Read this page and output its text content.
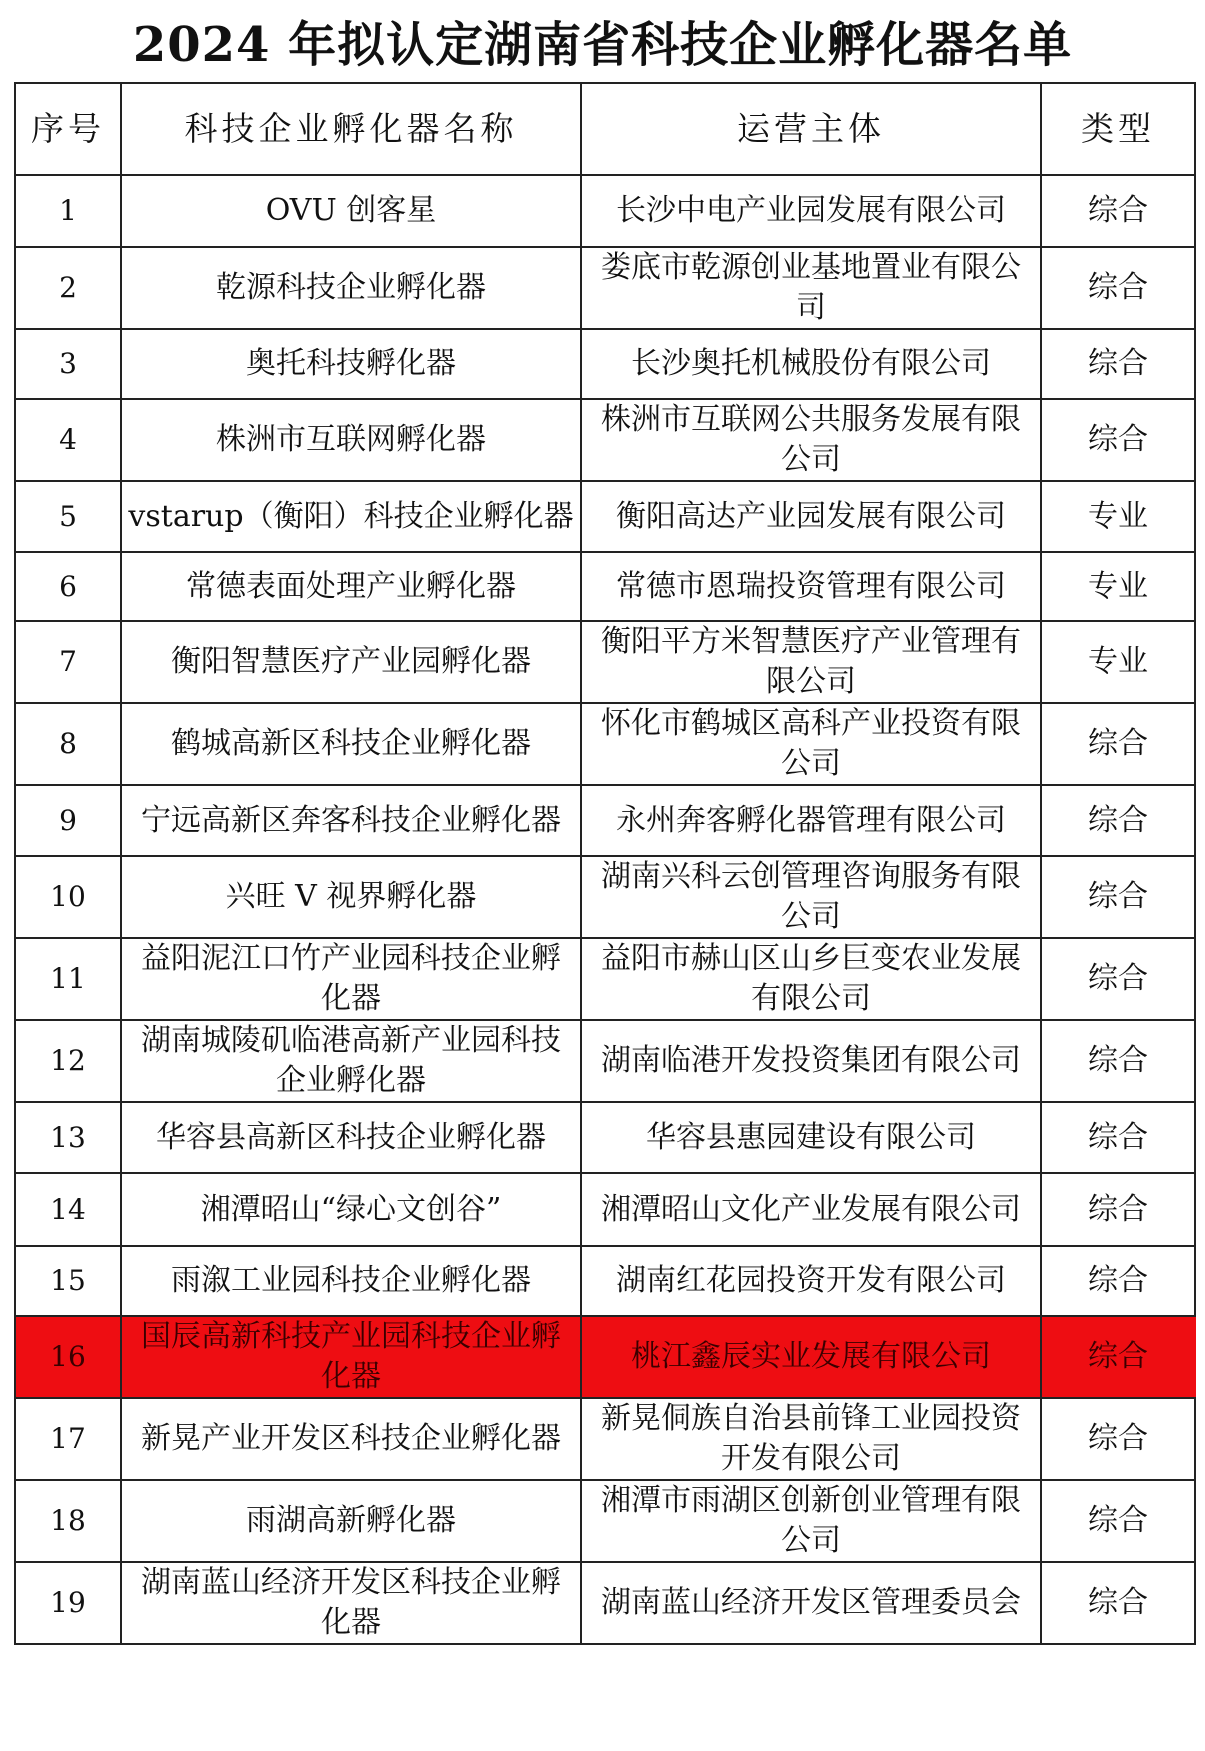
2024 年拟认定湖南省科技企业孵化器名单
序号	科技企业孵化器名称	运营主体	类型
1	OVU 创客星	长沙中电产业园发展有限公司	综合
2	乾源科技企业孵化器	娄底市乾源创业基地置业有限公司	综合
3	奥托科技孵化器	长沙奥托机械股份有限公司	综合
4	株洲市互联网孵化器	株洲市互联网公共服务发展有限公司	综合
5	vstarup（衡阳）科技企业孵化器	衡阳高达产业园发展有限公司	专业
6	常德表面处理产业孵化器	常德市恩瑞投资管理有限公司	专业
7	衡阳智慧医疗产业园孵化器	衡阳平方米智慧医疗产业管理有限公司	专业
8	鹤城高新区科技企业孵化器	怀化市鹤城区高科产业投资有限公司	综合
9	宁远高新区奔客科技企业孵化器	永州奔客孵化器管理有限公司	综合
10	兴旺 V 视界孵化器	湖南兴科云创管理咨询服务有限公司	综合
11	益阳泥江口竹产业园科技企业孵化器	益阳市赫山区山乡巨变农业发展有限公司	综合
12	湖南城陵矶临港高新产业园科技企业孵化器	湖南临港开发投资集团有限公司	综合
13	华容县高新区科技企业孵化器	华容县惠园建设有限公司	综合
14	湘潭昭山“绿心文创谷”	湘潭昭山文化产业发展有限公司	综合
15	雨溆工业园科技企业孵化器	湖南红花园投资开发有限公司	综合
16	国辰高新科技产业园科技企业孵化器	桃江鑫辰实业发展有限公司	综合
17	新晃产业开发区科技企业孵化器	新晃侗族自治县前锋工业园投资开发有限公司	综合
18	雨湖高新孵化器	湘潭市雨湖区创新创业管理有限公司	综合
19	湖南蓝山经济开发区科技企业孵化器	湖南蓝山经济开发区管理委员会	综合
